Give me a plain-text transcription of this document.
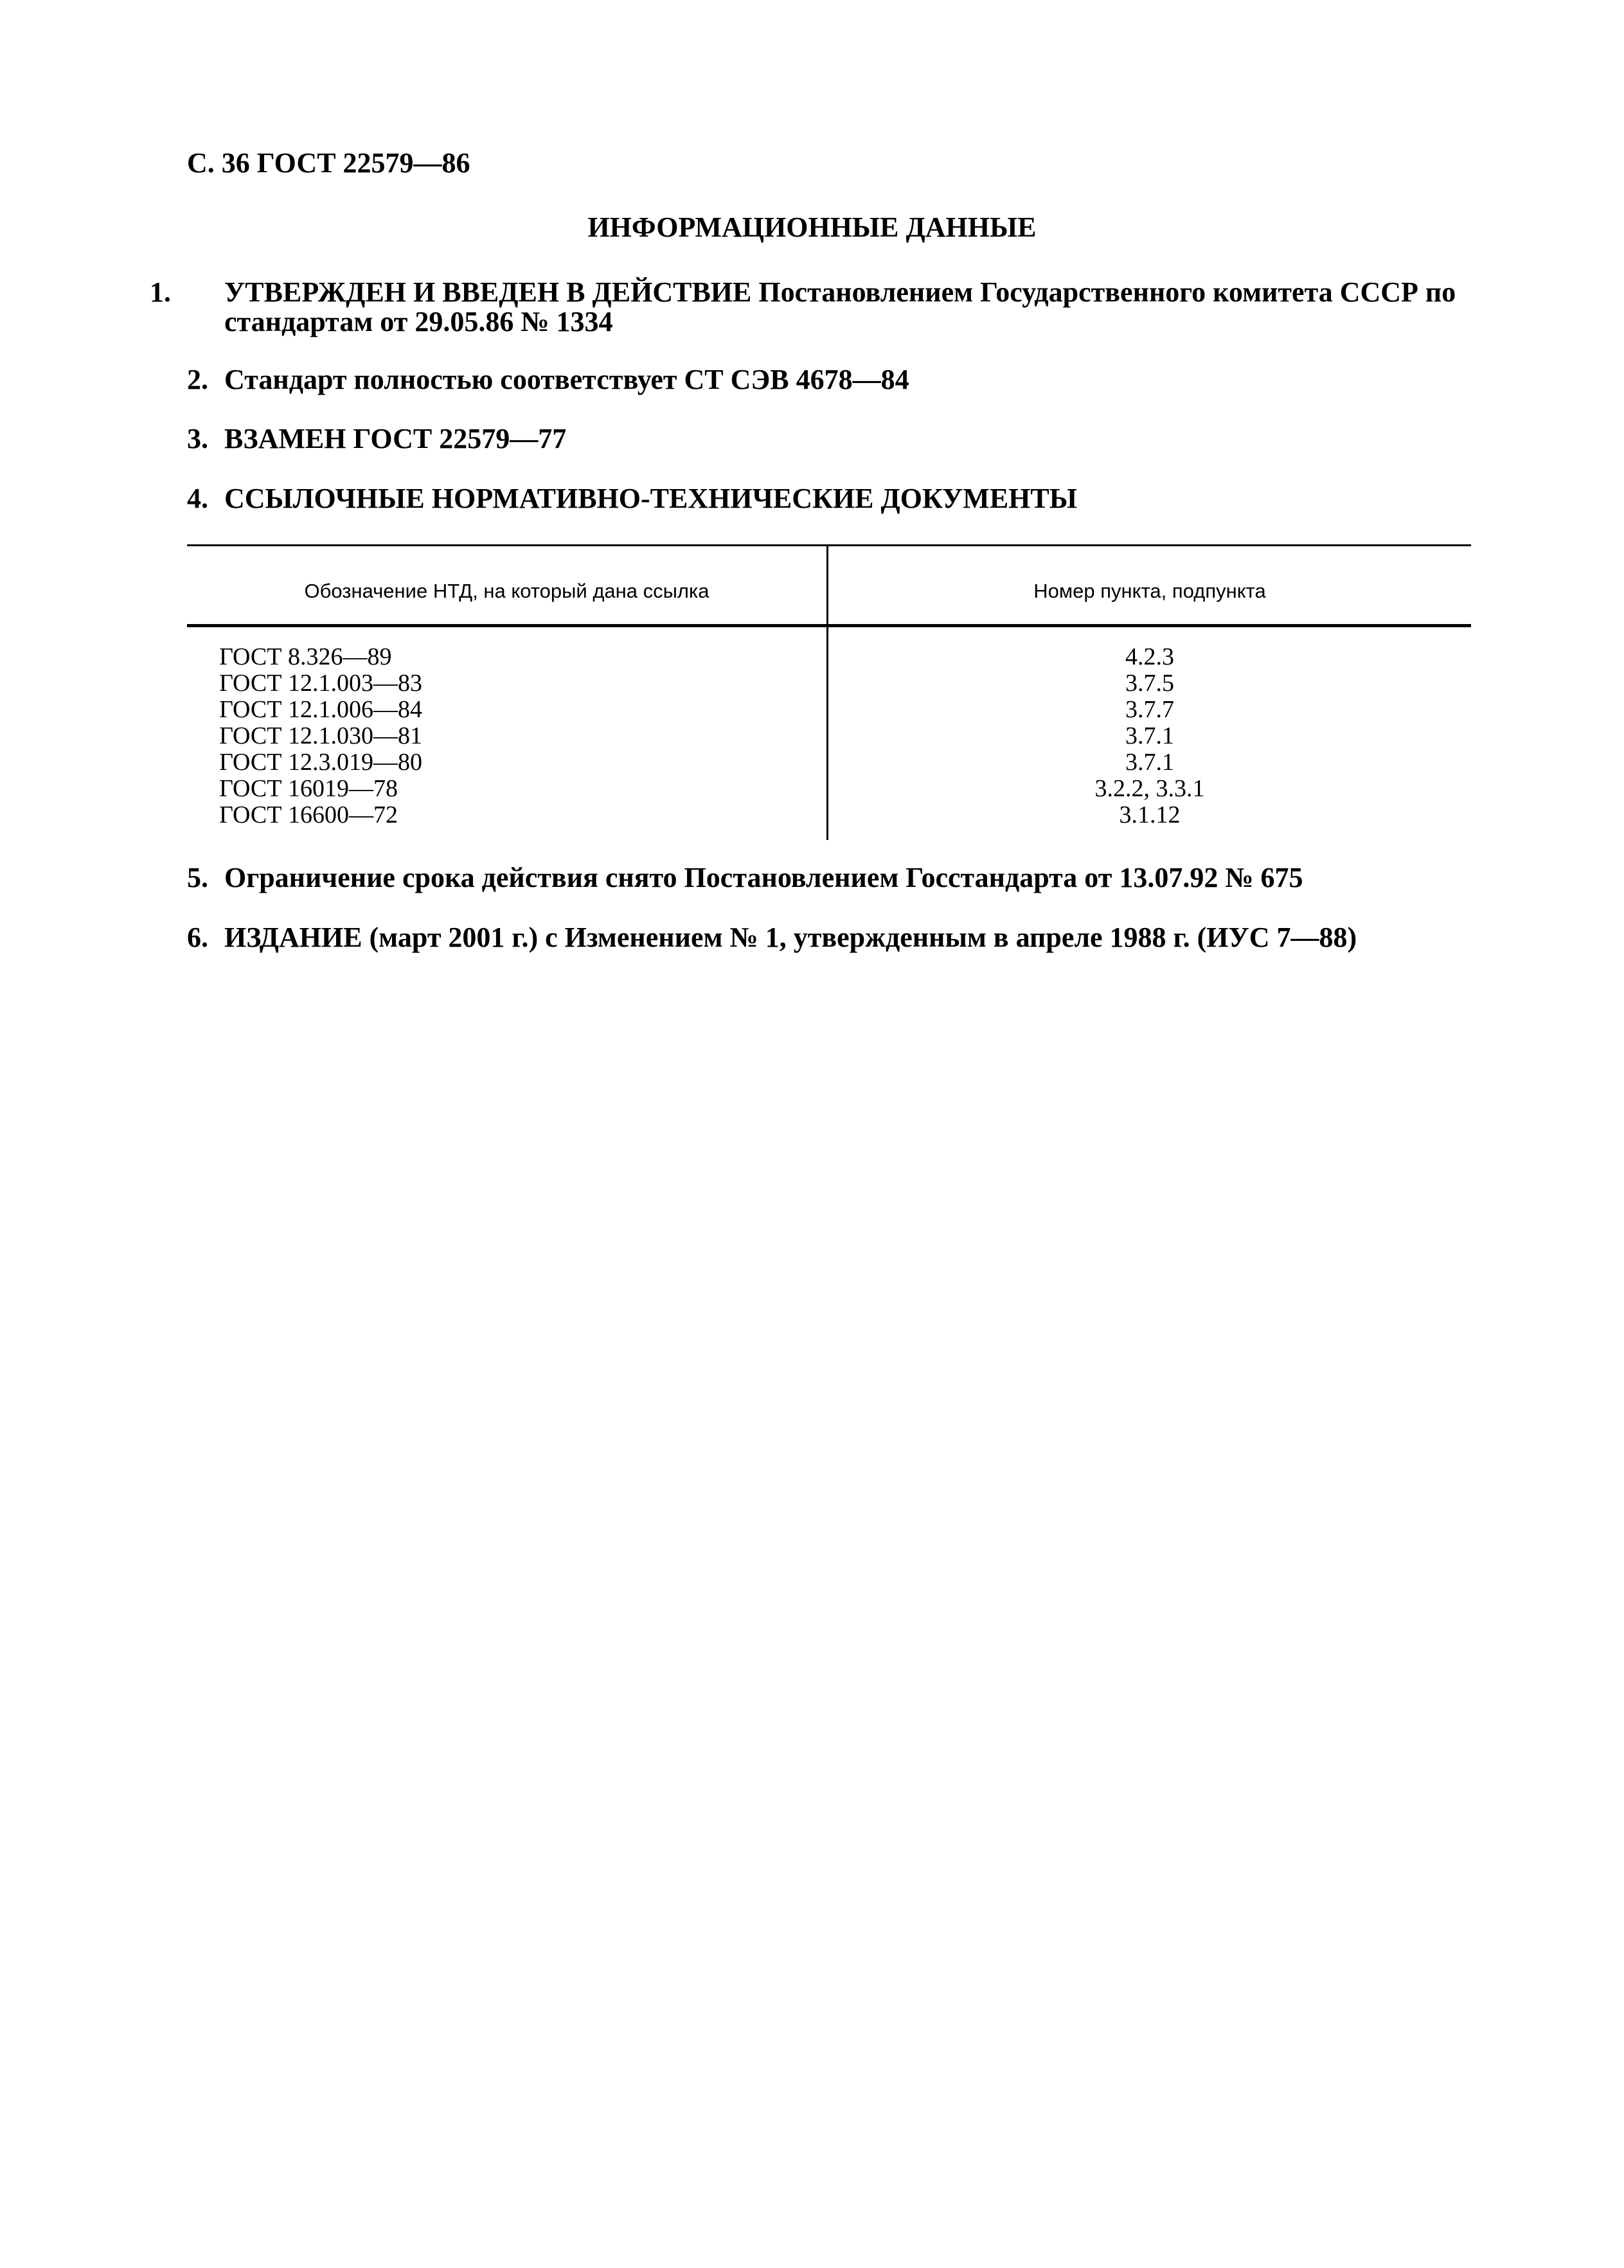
С. 36 ГОСТ 22579—86
ИНФОРМАЦИОННЫЕ ДАННЫЕ
1. УТВЕРЖДЕН И ВВЕДЕН В ДЕЙСТВИЕ Постановлением Государственного комитета СССР по стандартам от 29.05.86 № 1334
2. Стандарт полностью соответствует СТ СЭВ 4678—84
3. ВЗАМЕН ГОСТ 22579—77
4. ССЫЛОЧНЫЕ НОРМАТИВНО-ТЕХНИЧЕСКИЕ ДОКУМЕНТЫ
Обозначение НТД, на который дана ссылка	Номер пункта, подпункта
ГОСТ 8.326—89
ГОСТ 12.1.003—83
ГОСТ 12.1.006—84
ГОСТ 12.1.030—81
ГОСТ 12.3.019—80
ГОСТ 16019—78
ГОСТ 16600—72
4.2.3
3.7.5
3.7.7
3.7.1
3.7.1
3.2.2, 3.3.1
3.1.12
5. Ограничение срока действия снято Постановлением Госстандарта от 13.07.92 № 675
6. ИЗДАНИЕ (март 2001 г.) с Изменением № 1, утвержденным в апреле 1988 г. (ИУС 7—88)
